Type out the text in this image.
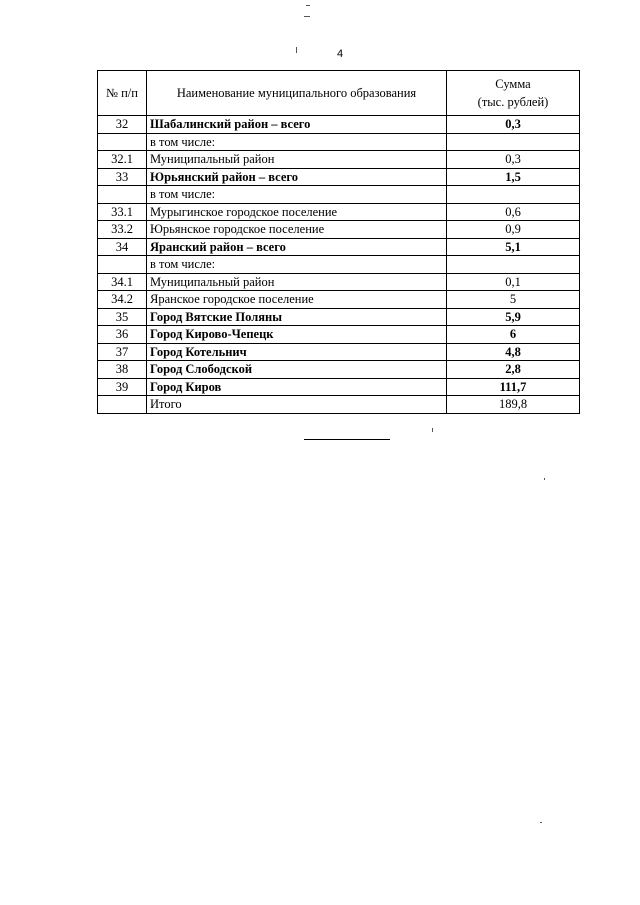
4
№ п/п	Наименование муниципального образования	Сумма
(тыс. рублей)
32	Шабалинский район – всего	0,3
	в том числе:	
32.1	Муниципальный район	0,3
33	Юрьянский район – всего	1,5
	в том числе:	
33.1	Мурыгинское городское поселение	0,6
33.2	Юрьянское городское поселение	0,9
34	Яранский район – всего	5,1
	в том числе:	
34.1	Муниципальный район	0,1
34.2	Яранское городское поселение	5
35	Город Вятские Поляны	5,9
36	Город Кирово-Чепецк	6
37	Город Котельнич	4,8
38	Город Слободской	2,8
39	Город Киров	111,7
	Итого	189,8
